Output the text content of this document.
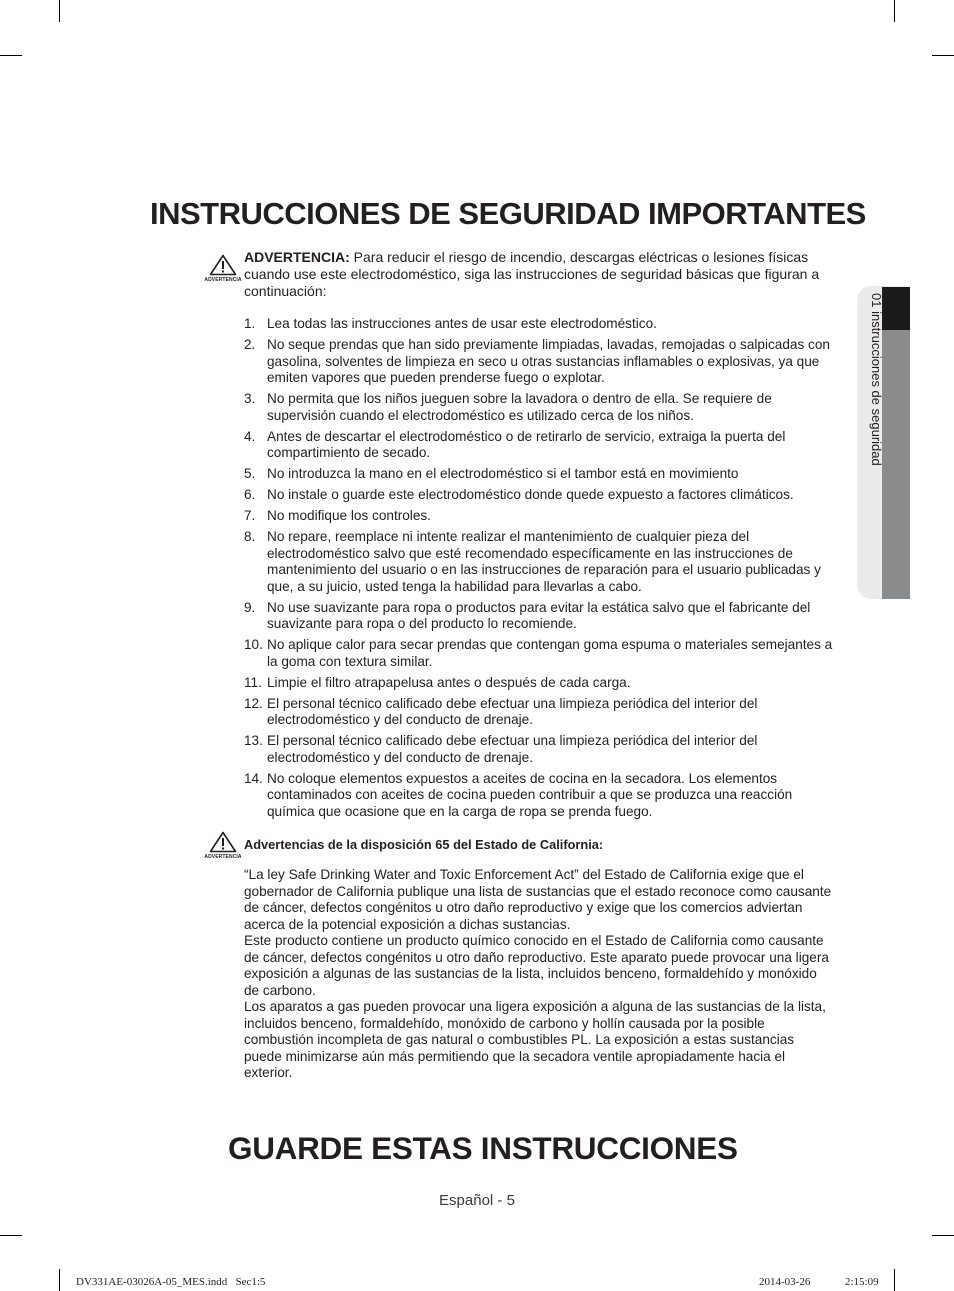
01 instrucciones de seguridad
INSTRUCCIONES DE SEGURIDAD IMPORTANTES
ADVERTENCIA
ADVERTENCIA: Para reducir el riesgo de incendio, descargas eléctricas o lesiones físicas cuando use este electrodoméstico, siga las instrucciones de seguridad básicas que figuran a continuación:
1. Lea todas las instrucciones antes de usar este electrodoméstico.
2. No seque prendas que han sido previamente limpiadas, lavadas, remojadas o salpicadas con gasolina, solventes de limpieza en seco u otras sustancias inflamables o explosivas, ya que emiten vapores que pueden prenderse fuego o explotar.
3. No permita que los niños jueguen sobre la lavadora o dentro de ella. Se requiere de supervisión cuando el electrodoméstico es utilizado cerca de los niños.
4. Antes de descartar el electrodoméstico o de retirarlo de servicio, extraiga la puerta del compartimiento de secado.
5. No introduzca la mano en el electrodoméstico si el tambor está en movimiento
6. No instale o guarde este electrodoméstico donde quede expuesto a factores climáticos.
7. No modifique los controles.
8. No repare, reemplace ni intente realizar el mantenimiento de cualquier pieza del electrodoméstico salvo que esté recomendado específicamente en las instrucciones de mantenimiento del usuario o en las instrucciones de reparación para el usuario publicadas y que, a su juicio, usted tenga la habilidad para llevarlas a cabo.
9. No use suavizante para ropa o productos para evitar la estática salvo que el fabricante del suavizante para ropa o del producto lo recomiende.
10. No aplique calor para secar prendas que contengan goma espuma o materiales semejantes a la goma con textura similar.
11. Limpie el filtro atrapapelusa antes o después de cada carga.
12. El personal técnico calificado debe efectuar una limpieza periódica del interior del electrodoméstico y del conducto de drenaje.
13. El personal técnico calificado debe efectuar una limpieza periódica del interior del electrodoméstico y del conducto de drenaje.
14. No coloque elementos expuestos a aceites de cocina en la secadora. Los elementos contaminados con aceites de cocina pueden contribuir a que se produzca una reacción química que ocasione que en la carga de ropa se prenda fuego.
ADVERTENCIA
Advertencias de la disposición 65 del Estado de California:

“La ley Safe Drinking Water and Toxic Enforcement Act” del Estado de California exige que el gobernador de California publique una lista de sustancias que el estado reconoce como causante de cáncer, defectos congénitos u otro daño reproductivo y exige que los comercios adviertan acerca de la potencial exposición a dichas sustancias.

Este producto contiene un producto químico conocido en el Estado de California como causante de cáncer, defectos congénitos u otro daño reproductivo. Este aparato puede provocar una ligera exposición a algunas de las sustancias de la lista, incluidos benceno, formaldehído y monóxido de carbono.

Los aparatos a gas pueden provocar una ligera exposición a alguna de las sustancias de la lista, incluidos benceno, formaldehído, monóxido de carbono y hollín causada por la posible combustión incompleta de gas natural o combustibles PL. La exposición a estas sustancias puede minimizarse aún más permitiendo que la secadora ventile apropiadamente hacia el exterior.

GUARDE ESTAS INSTRUCCIONES
Español - 5
DV331AE-03026A-05_MES.indd   Sec1:5	2014-03-26	2:15:09
